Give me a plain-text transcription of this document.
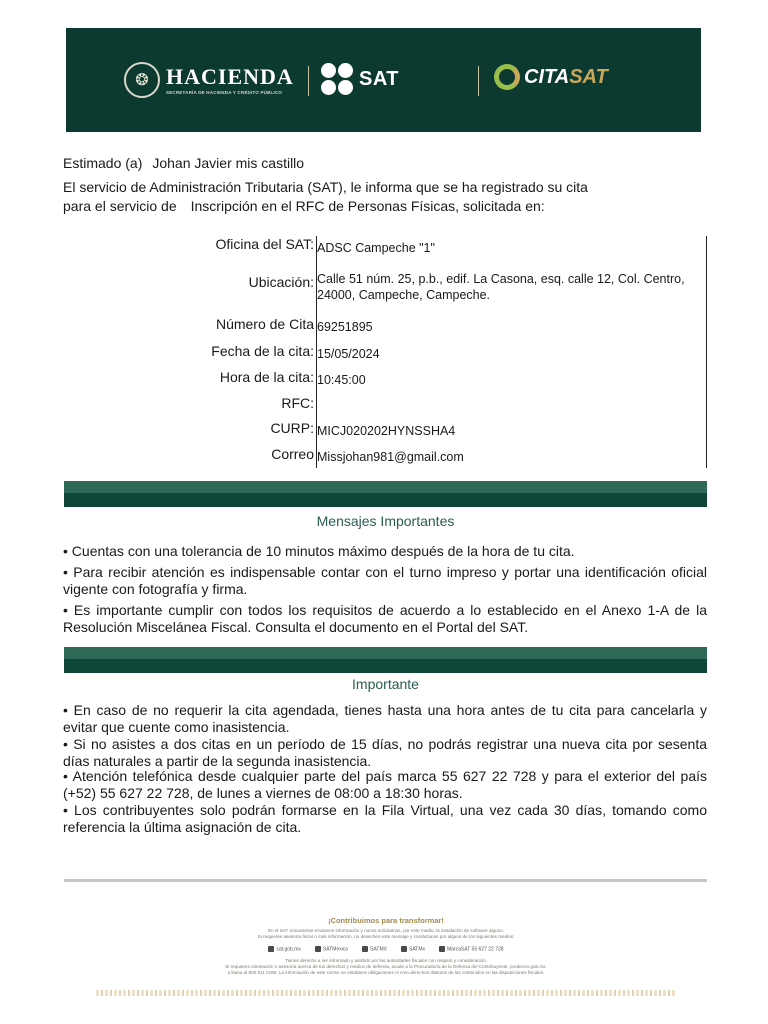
❂ HACIENDA
SECRETARÍA DE HACIENDA Y CRÉDITO PÚBLICO
SAT	CITA SAT
Estimado (a) Johan Javier mis castillo
El servicio de Administración Tributaria (SAT), le informa que se ha registrado su cita
para el servicio de Inscripción en el RFC de Personas Físicas, solicitada en:
Oficina del SAT: ADSC Campeche "1"
Ubicación: Calle 51 núm. 25, p.b., edif. La Casona, esq. calle 12, Col. Centro, 24000, Campeche, Campeche.
Número de Cita 69251895
Fecha de la cita: 15/05/2024
Hora de la cita: 10:45:00
RFC:
CURP: MICJ020202HYNSSHA4
Correo Missjohan981@gmail.com
Mensajes Importantes
• Cuentas con una tolerancia de 10 minutos máximo después de la hora de tu cita.
• Para recibir atención es indispensable contar con el turno impreso y portar una identificación oficial vigente con fotografía y firma.
• Es importante cumplir con todos los requisitos de acuerdo a lo establecido en el Anexo 1-A de la Resolución Miscelánea Fiscal. Consulta el documento en el Portal del SAT.
Importante
• En caso de no requerir la cita agendada, tienes hasta una hora antes de tu cita para cancelarla y evitar que cuente como inasistencia.
• Si no asistes a dos citas en un período de 15 días, no podrás registrar una nueva cita por sesenta días naturales a partir de la segunda inasistencia.
• Atención telefónica desde cualquier parte del país marca 55 627 22 728 y para el exterior del país (+52) 55 627 22 728, de lunes a viernes de 08:00 a 18:30 horas.
• Los contribuyentes solo podrán formarse en la Fila Virtual, una vez cada 30 días, tomando como referencia la última asignación de cita.
¡Contribuimos para transformar!
En el SAT únicamente enviamos información y nunca solicitamos, por este medio, la instalación de software alguno.
Si requieres asesoría fiscal o más información, no deseches este mensaje y contáctanos por alguno de los siguientes medios:
sat.gob.mx	SATMexico	SATMX	SATMx	MarcaSAT 55 627 22 728
Tienes derecho a ser informado y asistido por las autoridades fiscales con respeto y consideración.
Si requieres orientación o asesoría acerca de tus derechos y medios de defensa, acude a la Procuraduría de la Defensa del Contribuyente, prodecon.gob.mx,
o llama al 800 611 0190. La información de este correo no establece obligaciones ni crea derechos distintos de los contenidos en las disposiciones fiscales.
